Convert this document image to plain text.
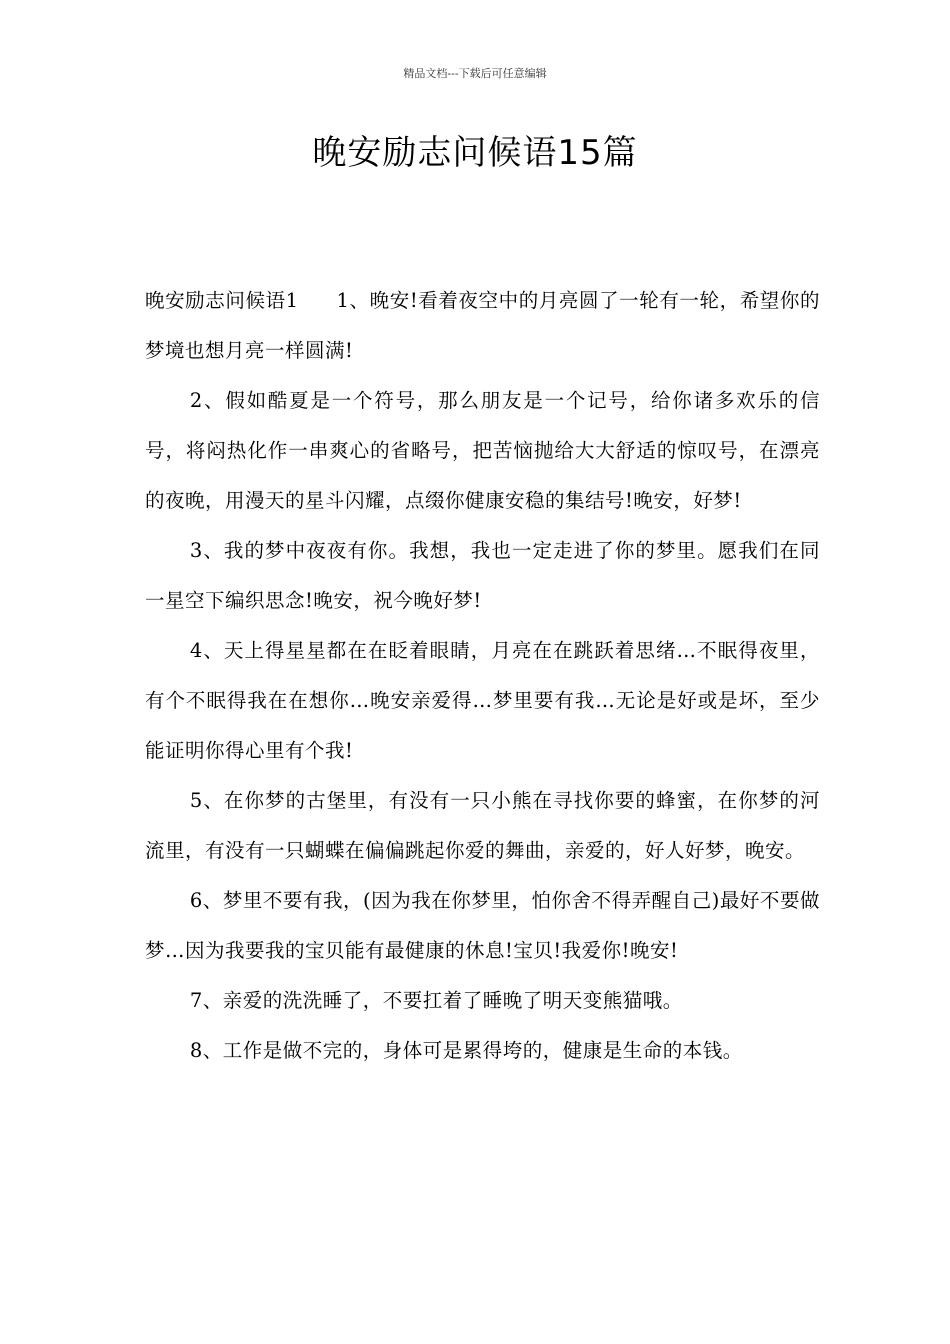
精品文档---下载后可任意编辑
晚安励志问候语15篇

晚安励志问候语1 1、晚安!看着夜空中的月亮圆了一轮有一轮，希望你的梦境也想月亮一样圆满!

2、假如酷夏是一个符号，那么朋友是一个记号，给你诸多欢乐的信号，将闷热化作一串爽心的省略号，把苦恼抛给大大舒适的惊叹号，在漂亮的夜晚，用漫天的星斗闪耀，点缀你健康安稳的集结号!晚安，好梦!

3、我的梦中夜夜有你。我想，我也一定走进了你的梦里。愿我们在同一星空下编织思念!晚安，祝今晚好梦!

4、天上得星星都在在眨着眼睛，月亮在在跳跃着思绪…不眠得夜里，有个不眠得我在在想你…晚安亲爱得…梦里要有我…无论是好或是坏，至少能证明你得心里有个我!

5、在你梦的古堡里，有没有一只小熊在寻找你要的蜂蜜，在你梦的河流里，有没有一只蝴蝶在偏偏跳起你爱的舞曲，亲爱的，好人好梦，晚安。

6、梦里不要有我，(因为我在你梦里，怕你舍不得弄醒自己)最好不要做梦…因为我要我的宝贝能有最健康的休息!宝贝!我爱你!晚安!

7、亲爱的洗洗睡了，不要扛着了睡晚了明天变熊猫哦。

8、工作是做不完的，身体可是累得垮的，健康是生命的本钱。
